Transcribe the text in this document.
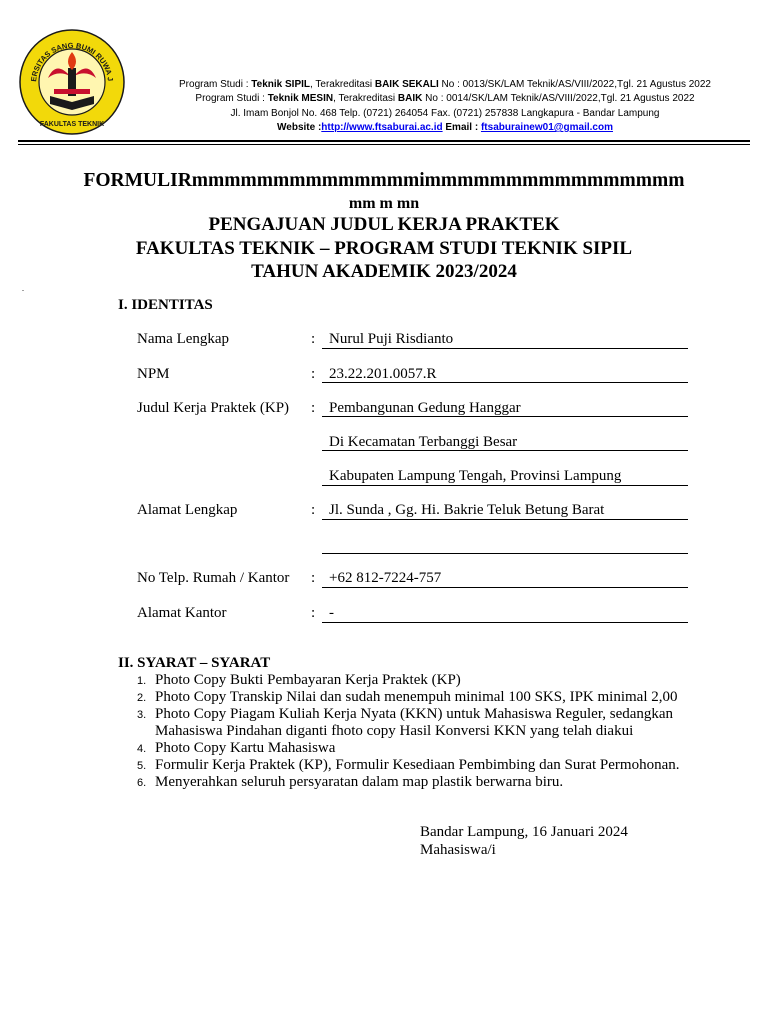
ERSITAS SANG BUMI RUWA J
FAKULTAS TEKNIK
Program Studi : Teknik SIPIL, Terakreditasi BAIK SEKALI No : 0013/SK/LAM Teknik/AS/VIII/2022,Tgl. 21 Agustus 2022
Program Studi : Teknik MESIN, Terakreditasi BAIK No : 0014/SK/LAM Teknik/AS/VIII/2022,Tgl. 21 Agustus 2022
Jl. Imam Bonjol No. 468 Telp. (0721) 264054 Fax. (0721) 257838 Langkapura - Bandar Lampung
Website :http://www.ftsaburai.ac.id Email : ftsaburainew01@gmail.com
FORMULIRmmmmmmmmmmmmmmimmmmmmmmmmmmmmmm
mm m mn
PENGAJUAN JUDUL KERJA PRAKTEK
FAKULTAS TEKNIK – PROGRAM STUDI TEKNIK SIPIL
TAHUN AKADEMIK 2023/2024
.
I. IDENTITAS
Nama Lengkap	: Nurul Puji Risdianto
NPM	: 23.22.201.0057.R
Judul Kerja Praktek (KP) : Pembangunan Gedung Hanggar
Di Kecamatan Terbanggi Besar
Kabupaten Lampung Tengah, Provinsi Lampung
Alamat Lengkap	: Jl. Sunda , Gg. Hi. Bakrie Teluk Betung Barat
No Telp. Rumah / Kantor : +62 812-7224-757
Alamat Kantor	: -
II. SYARAT – SYARAT
1. Photo Copy Bukti Pembayaran Kerja Praktek (KP)
2. Photo Copy Transkip Nilai dan sudah menempuh minimal 100 SKS, IPK minimal 2,00
3. Photo Copy Piagam Kuliah Kerja Nyata (KKN) untuk Mahasiswa Reguler, sedangkan
Mahasiswa Pindahan diganti fhoto copy Hasil Konversi KKN yang telah diakui
4. Photo Copy Kartu Mahasiswa
5. Formulir Kerja Praktek (KP), Formulir Kesediaan Pembimbing dan Surat Permohonan.
6. Menyerahkan seluruh persyaratan dalam map plastik berwarna biru.
Bandar Lampung, 16 Januari 2024
Mahasiswa/i
